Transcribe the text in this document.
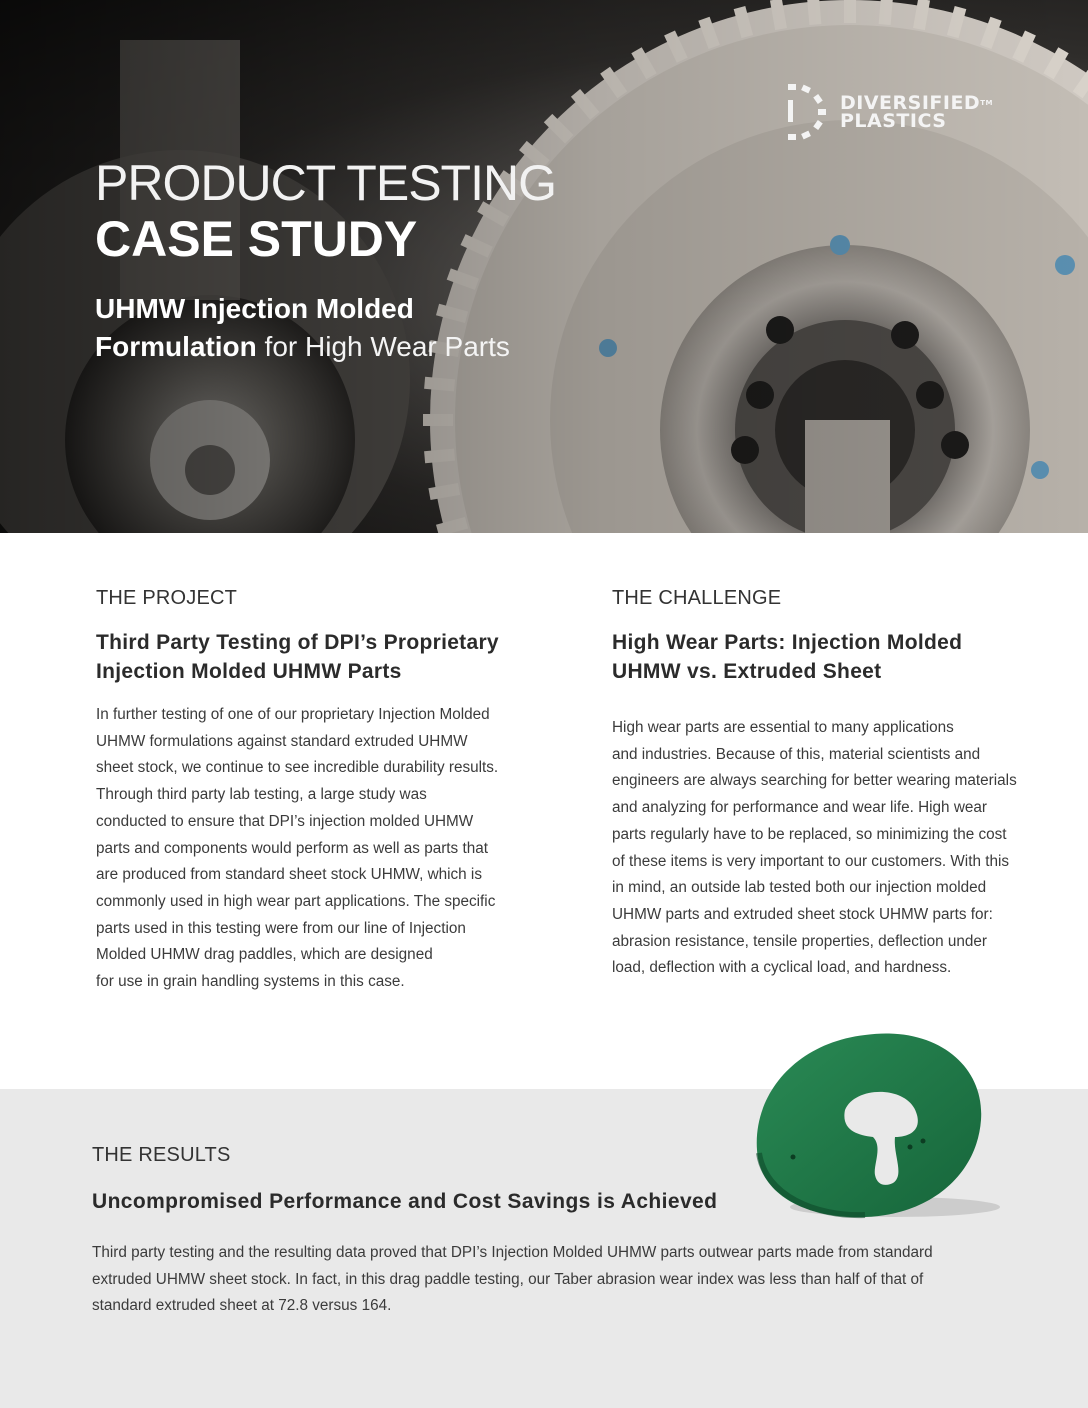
PRODUCT TESTING
CASE STUDY
UHMW Injection Molded
Formulation for High Wear Parts
DIVERSIFIED™
PLASTICS
THE PROJECT
Third Party Testing of DPI’s Proprietary
Injection Molded UHMW Parts
In further testing of one of our proprietary Injection Molded
UHMW formulations against standard extruded UHMW
sheet stock, we continue to see incredible durability results.
Through third party lab testing, a large study was
conducted to ensure that DPI’s injection molded UHMW
parts and components would perform as well as parts that
are produced from standard sheet stock UHMW, which is
commonly used in high wear part applications. The specific
parts used in this testing were from our line of Injection
Molded UHMW drag paddles, which are designed
for use in grain handling systems in this case.
THE CHALLENGE
High Wear Parts: Injection Molded
UHMW vs. Extruded Sheet
High wear parts are essential to many applications
and industries. Because of this, material scientists and
engineers are always searching for better wearing materials
and analyzing for performance and wear life. High wear
parts regularly have to be replaced, so minimizing the cost
of these items is very important to our customers. With this
in mind, an outside lab tested both our injection molded
UHMW parts and extruded sheet stock UHMW parts for:
abrasion resistance, tensile properties, deflection under
load, deflection with a cyclical load, and hardness.
THE RESULTS
Uncompromised Performance and Cost Savings is Achieved
Third party testing and the resulting data proved that DPI’s Injection Molded UHMW parts outwear parts made from standard
extruded UHMW sheet stock. In fact, in this drag paddle testing, our Taber abrasion wear index was less than half of that of
standard extruded sheet at 72.8 versus 164.
